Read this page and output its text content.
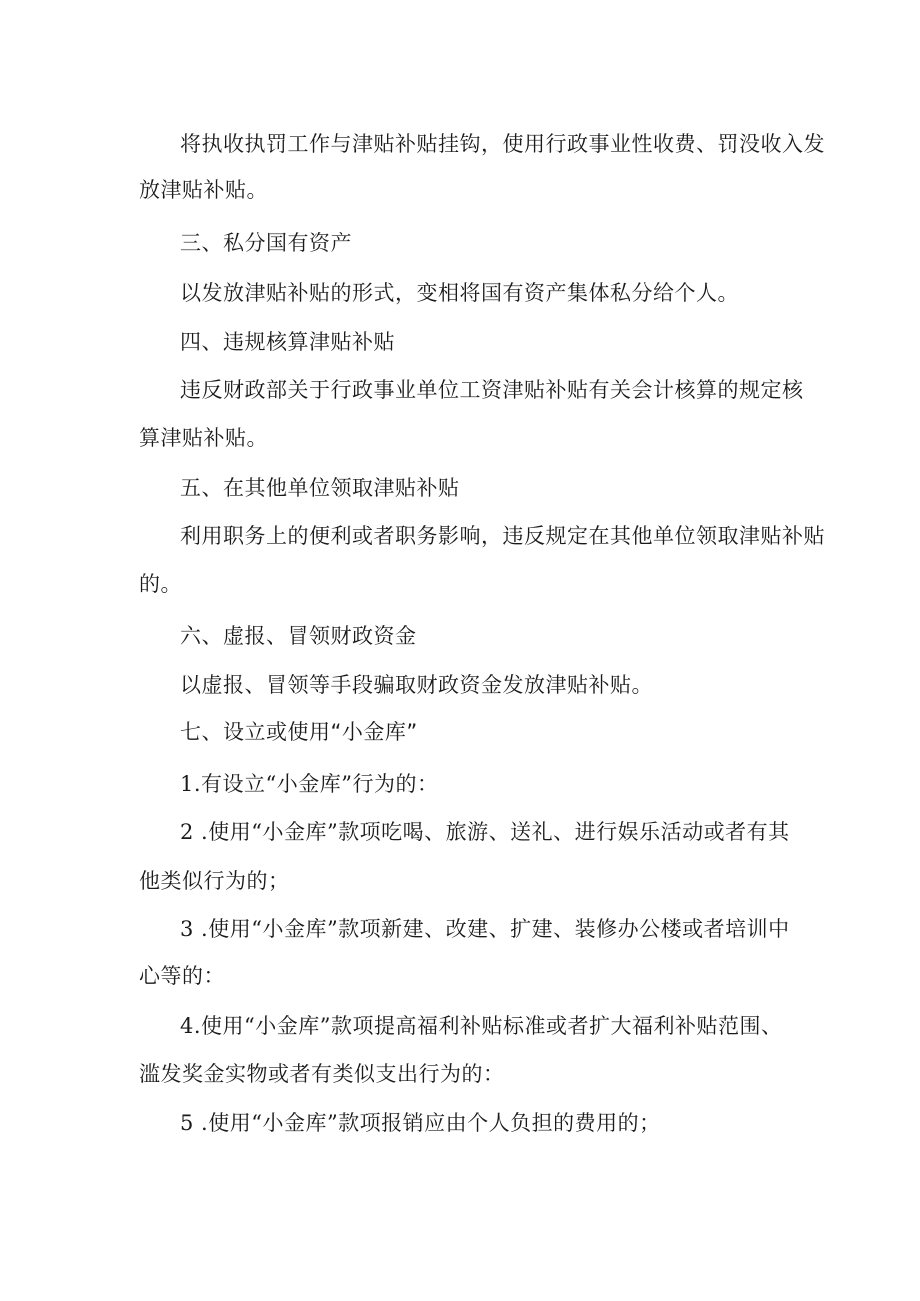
将执收执罚工作与津贴补贴挂钩，使用行政事业性收费、罚没收入发
放津贴补贴。
三、私分国有资产
以发放津贴补贴的形式，变相将国有资产集体私分给个人。
四、违规核算津贴补贴
违反财政部关于行政事业单位工资津贴补贴有关会计核算的规定核
算津贴补贴。
五、在其他单位领取津贴补贴
利用职务上的便利或者职务影响，违反规定在其他单位领取津贴补贴
的。
六、虚报、冒领财政资金
以虚报、冒领等手段骗取财政资金发放津贴补贴。
七、设立或使用“小金库”
1.有设立“小金库”行为的：
2 .使用“小金库”款项吃喝、旅游、送礼、进行娱乐活动或者有其
他类似行为的；
3 .使用“小金库”款项新建、改建、扩建、装修办公楼或者培训中
心等的：
4.使用“小金库”款项提高福利补贴标准或者扩大福利补贴范围、
滥发奖金实物或者有类似支出行为的：
5 .使用“小金库”款项报销应由个人负担的费用的；
